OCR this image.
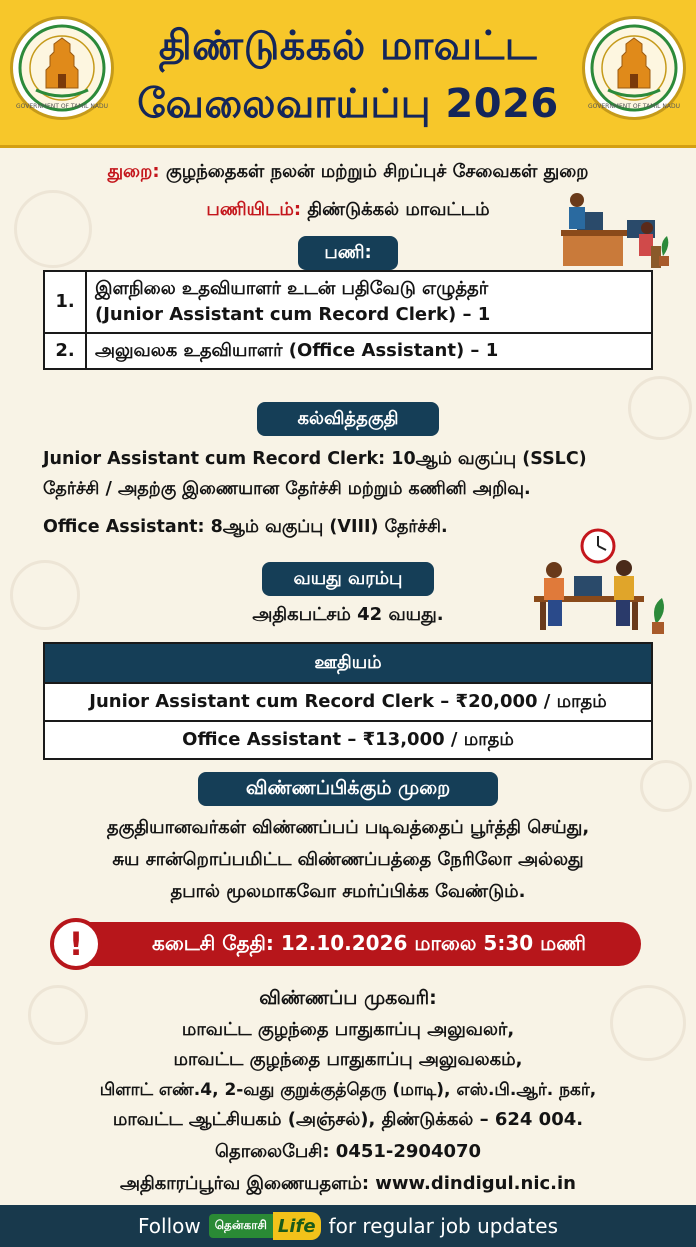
GOVERNMENT OF TAMIL NADU
திண்டுக்கல் மாவட்ட
வேலைவாய்ப்பு 2026	GOVERNMENT OF TAMIL NADU
துறை: குழந்தைகள் நலன் மற்றும் சிறப்புச் சேவைகள் துறை
பணியிடம்: திண்டுக்கல் மாவட்டம்
பணி:
1.	இளநிலை உதவியாளர் உடன் பதிவேடு எழுத்தர்
(Junior Assistant cum Record Clerk) – 1

2.	அலுவலக உதவியாளர் (Office Assistant) – 1
கல்வித்தகுதி
Junior Assistant cum Record Clerk: 10ஆம் வகுப்பு (SSLC)
தேர்ச்சி / அதற்கு இணையான தேர்ச்சி மற்றும் கணினி அறிவு.
Office Assistant: 8ஆம் வகுப்பு (VIII) தேர்ச்சி.
வயது வரம்பு
அதிகபட்சம் 42 வயது.
ஊதியம்
Junior Assistant cum Record Clerk – ₹20,000 / மாதம்
Office Assistant – ₹13,000 / மாதம்
விண்ணப்பிக்கும் முறை
தகுதியானவர்கள் விண்ணப்பப் படிவத்தைப் பூர்த்தி செய்து,
சுய சான்றொப்பமிட்ட விண்ணப்பத்தை நேரிலோ அல்லது
தபால் மூலமாகவோ சமர்ப்பிக்க வேண்டும்.
கடைசி தேதி: 12.10.2026 மாலை 5:30 மணி
!
விண்ணப்ப முகவரி:
மாவட்ட குழந்தை பாதுகாப்பு அலுவலர்,
மாவட்ட குழந்தை பாதுகாப்பு அலுவலகம்,
பிளாட் எண்.4, 2-வது குறுக்குத்தெரு (மாடி), எஸ்.பி.ஆர். நகர்,
மாவட்ட ஆட்சியகம் (அஞ்சல்), திண்டுக்கல் – 624 004.
தொலைபேசி: 0451-2904070
அதிகாரப்பூர்வ இணையதளம்: www.dindigul.nic.in
Follow	தென்காசி Life for regular job updates
